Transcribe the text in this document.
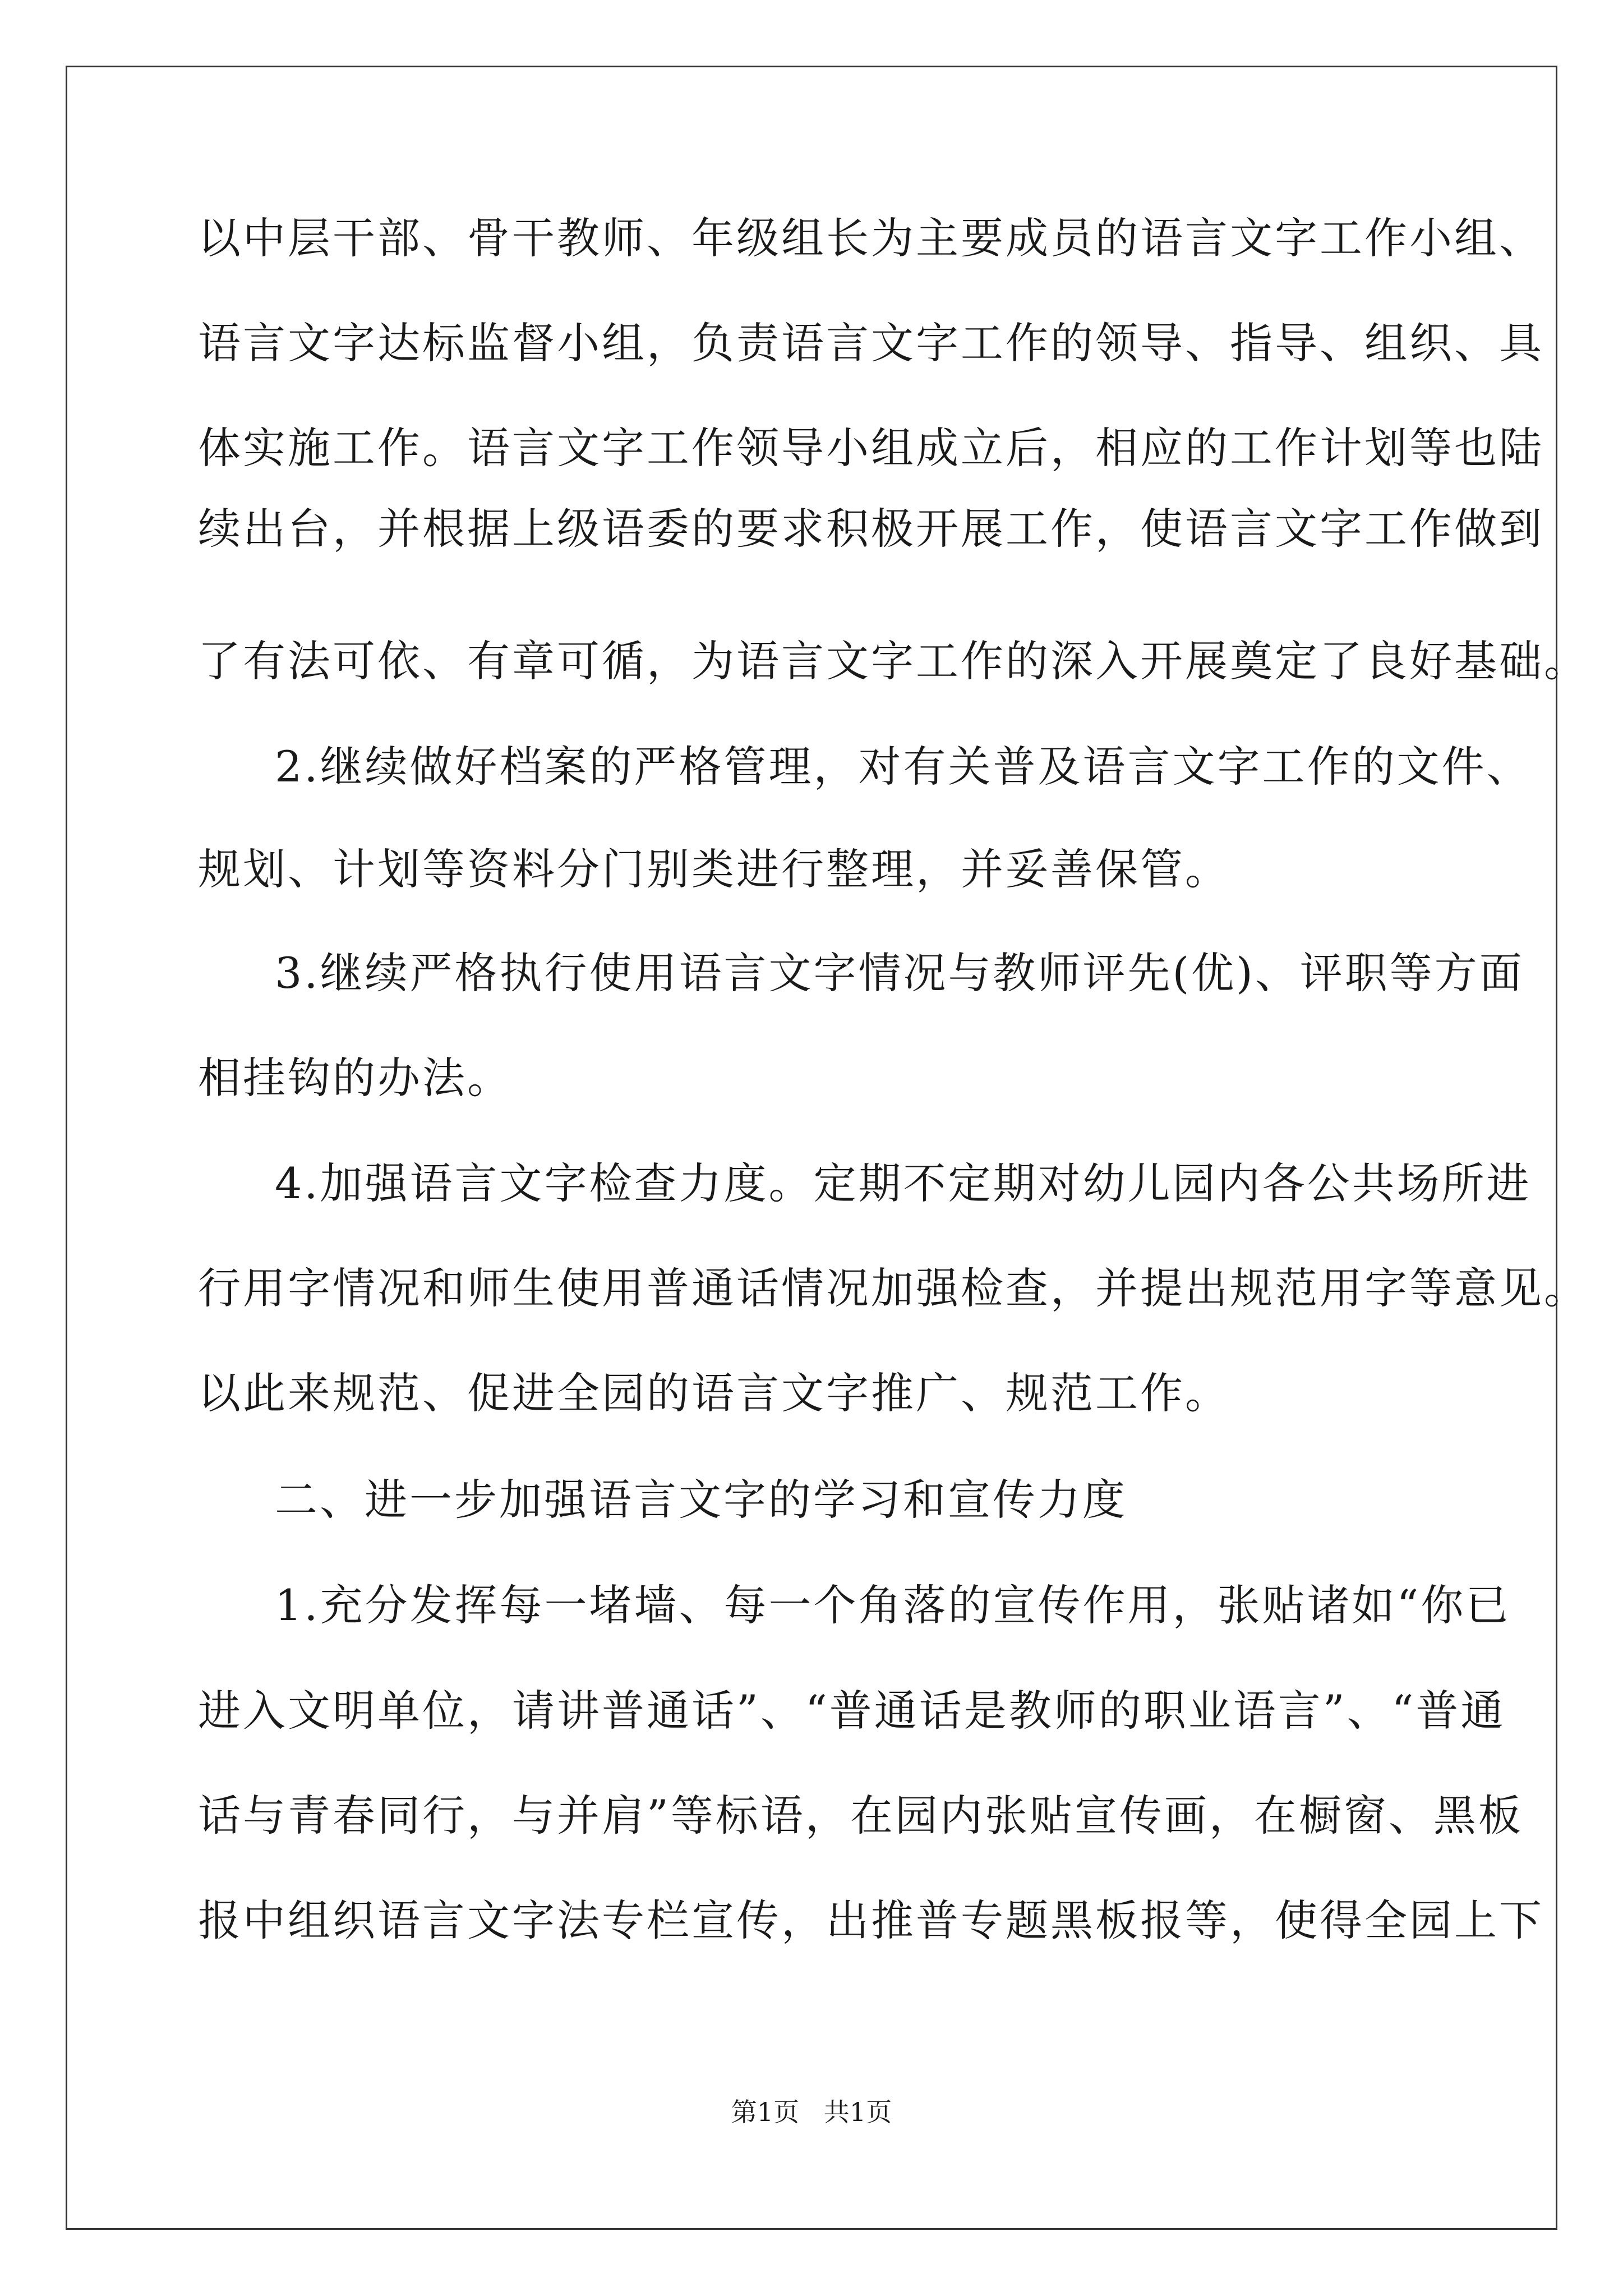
以中层干部、骨干教师、年级组长为主要成员的语言文字工作小组、
语言文字达标监督小组，负责语言文字工作的领导、指导、组织、具
体实施工作。语言文字工作领导小组成立后，相应的工作计划等也陆
续出台，并根据上级语委的要求积极开展工作，使语言文字工作做到
了有法可依、有章可循，为语言文字工作的深入开展奠定了良好基础。
2.继续做好档案的严格管理，对有关普及语言文字工作的文件、
规划、计划等资料分门别类进行整理，并妥善保管。
3.继续严格执行使用语言文字情况与教师评先(优)、评职等方面
相挂钩的办法。
4.加强语言文字检查力度。定期不定期对幼儿园内各公共场所进
行用字情况和师生使用普通话情况加强检查，并提出规范用字等意见。
以此来规范、促进全园的语言文字推广、规范工作。
二、进一步加强语言文字的学习和宣传力度
1.充分发挥每一堵墙、每一个角落的宣传作用，张贴诸如“你已
进入文明单位，请讲普通话”、“普通话是教师的职业语言”、“普通
话与青春同行，与并肩”等标语，在园内张贴宣传画，在橱窗、黑板
报中组织语言文字法专栏宣传，出推普专题黑板报等，使得全园上下
第1页   共1页
